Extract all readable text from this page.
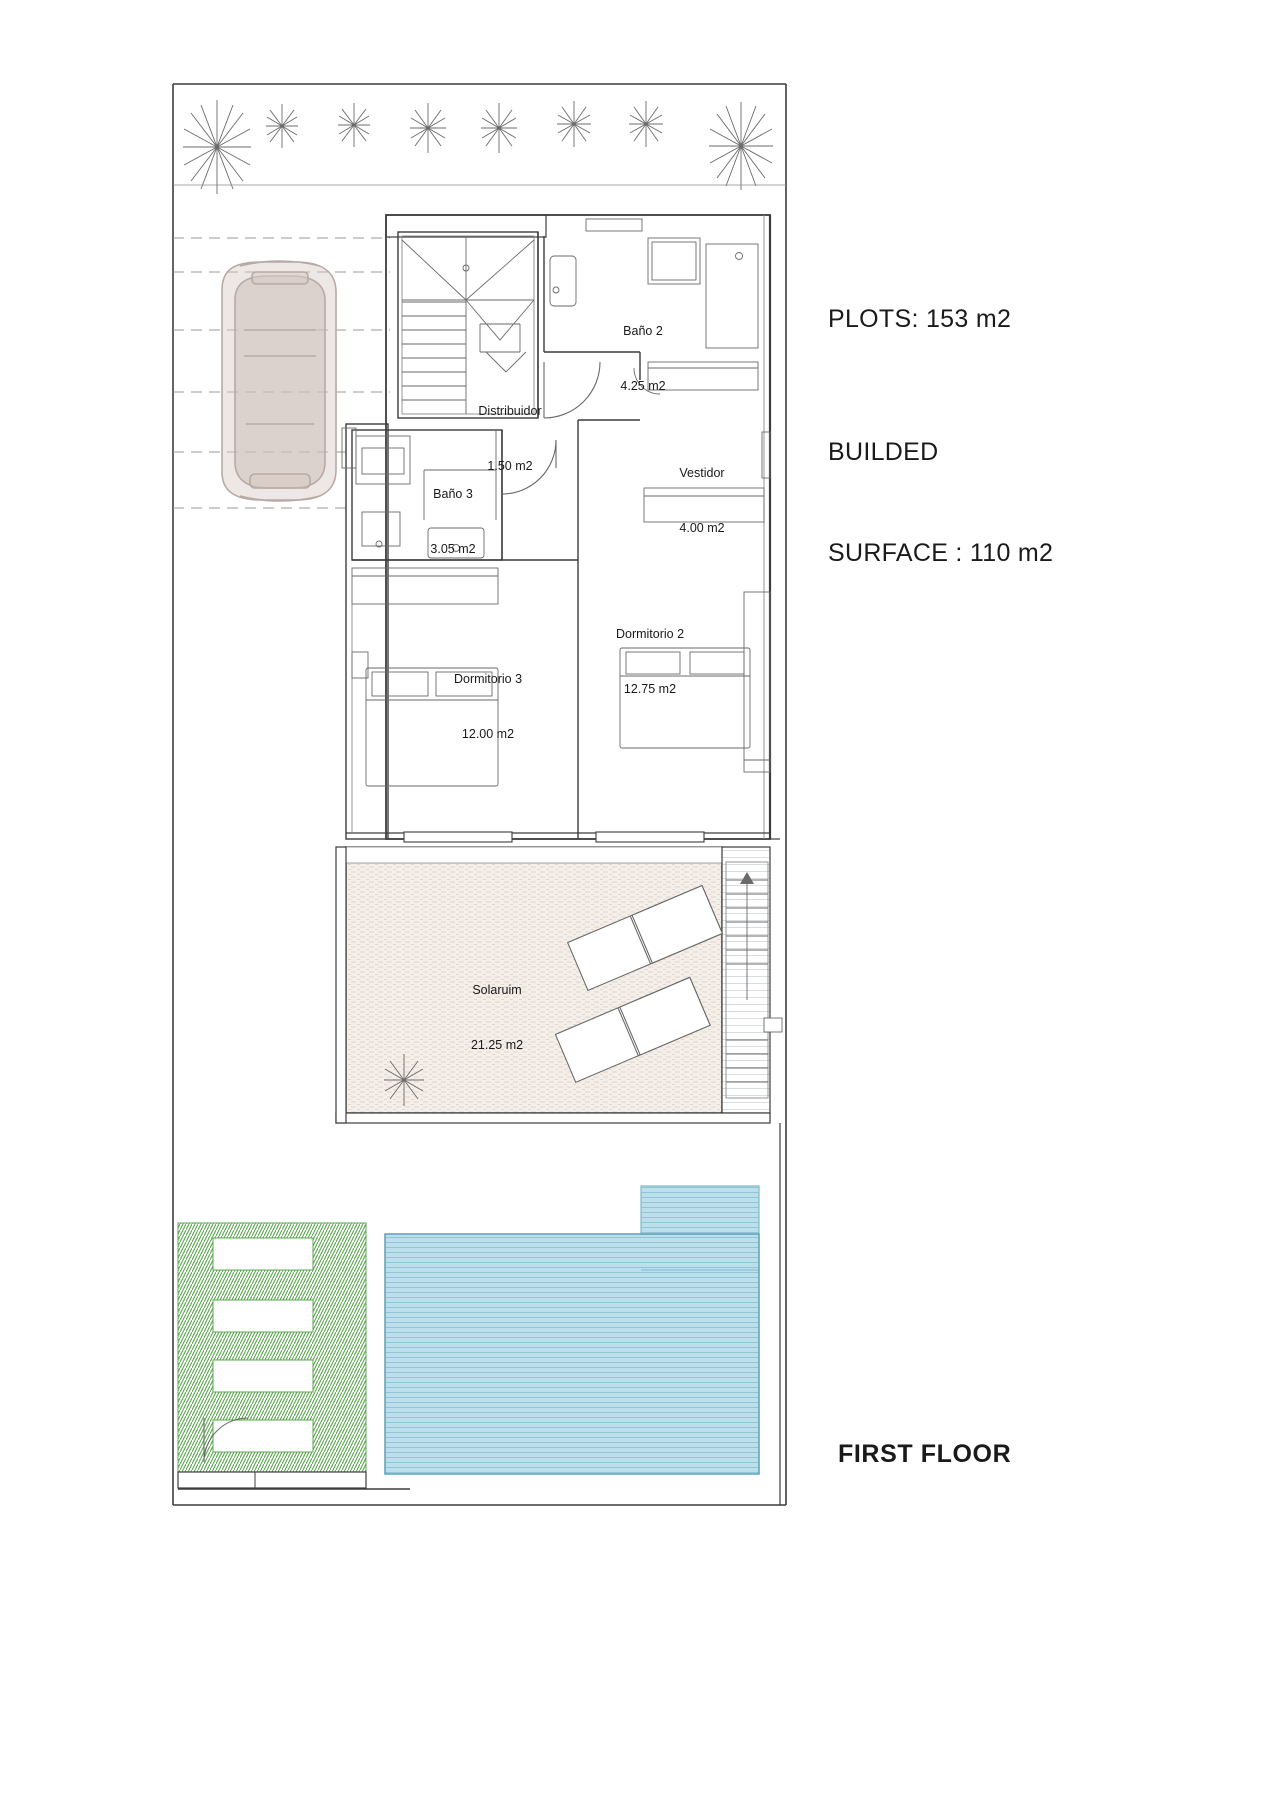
Baño 2

4.25 m2

Distribuidor

1.50 m2

Vestidor

4.00 m2

Baño 3

3.05 m2

Dormitorio 2

12.75 m2

Dormitorio 3

12.00 m2

Solaruim

21.25 m2

PLOTS: 153 m2

BUILDED

SURFACE : 110 m2

FIRST FLOOR
